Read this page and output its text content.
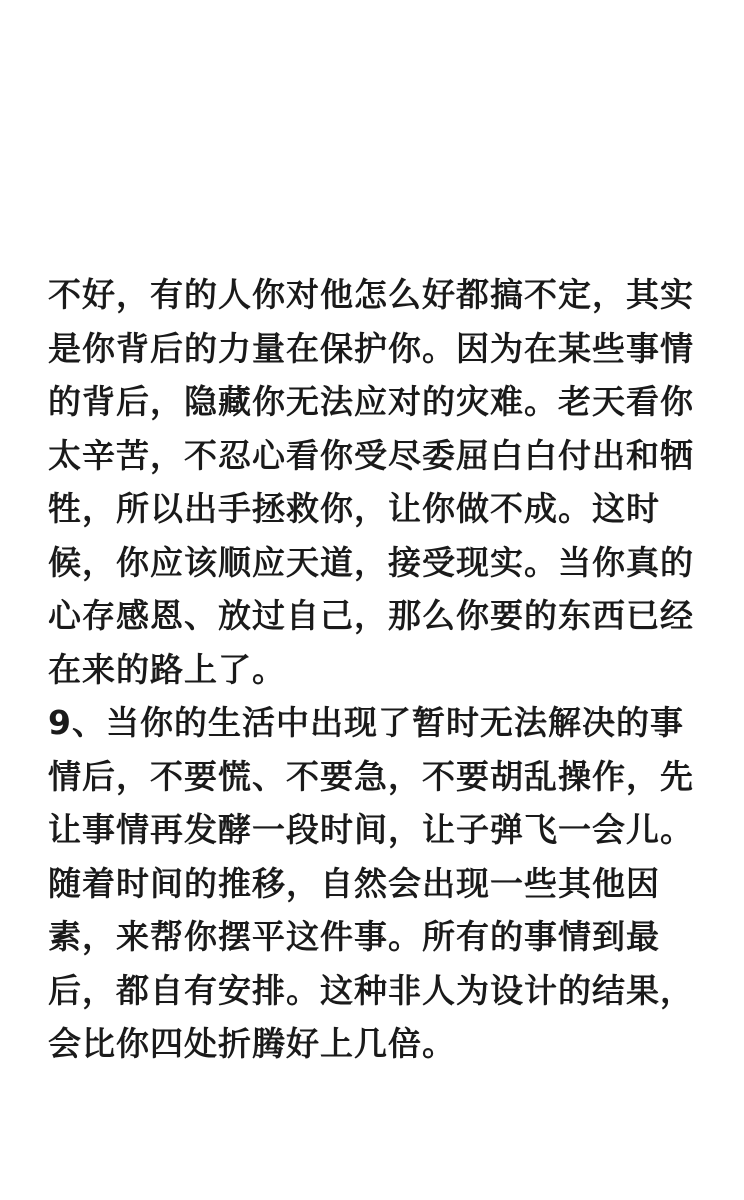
不好，有的人你对他怎么好都搞不定，其实
是你背后的力量在保护你。因为在某些事情
的背后，隐藏你无法应对的灾难。老天看你
太辛苦，不忍心看你受尽委屈白白付出和牺
牲，所以出手拯救你，让你做不成。这时
候，你应该顺应天道，接受现实。当你真的
心存感恩、放过自己，那么你要的东西已经
在来的路上了。
9、当你的生活中出现了暂时无法解决的事
情后，不要慌、不要急，不要胡乱操作，先
让事情再发酵一段时间，让子弹飞一会儿。
随着时间的推移，自然会出现一些其他因
素，来帮你摆平这件事。所有的事情到最
后，都自有安排。这种非人为设计的结果，
会比你四处折腾好上几倍。
